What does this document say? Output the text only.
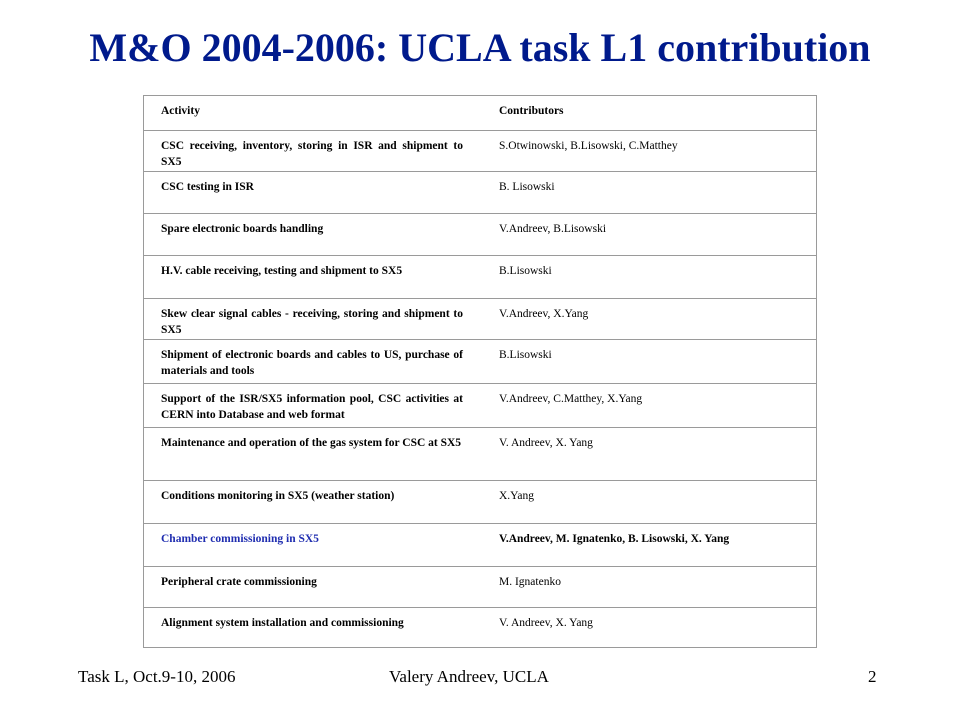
M&O 2004-2006: UCLA task L1 contribution
Activity	Contributors
CSC receiving, inventory, storing in ISR and shipment to SX5	S.Otwinowski, B.Lisowski, C.Matthey
CSC testing in ISR	B. Lisowski
Spare electronic boards handling	V.Andreev, B.Lisowski
H.V. cable receiving, testing and shipment to SX5	B.Lisowski
Skew clear signal cables - receiving, storing and shipment to SX5	V.Andreev, X.Yang
Shipment of electronic boards and cables to US, purchase of materials and tools	B.Lisowski
Support of the ISR/SX5 information pool, CSC activities at CERN into Database and web format	V.Andreev, C.Matthey, X.Yang
Maintenance and operation of the gas system for CSC at SX5	V. Andreev, X. Yang
Conditions monitoring in SX5 (weather station)	X.Yang
Chamber commissioning in SX5	V.Andreev, M. Ignatenko, B. Lisowski, X. Yang
Peripheral crate commissioning	M. Ignatenko
Alignment system installation and commissioning	V. Andreev, X. Yang
Task L, Oct.9-10, 2006	Valery Andreev, UCLA	2
